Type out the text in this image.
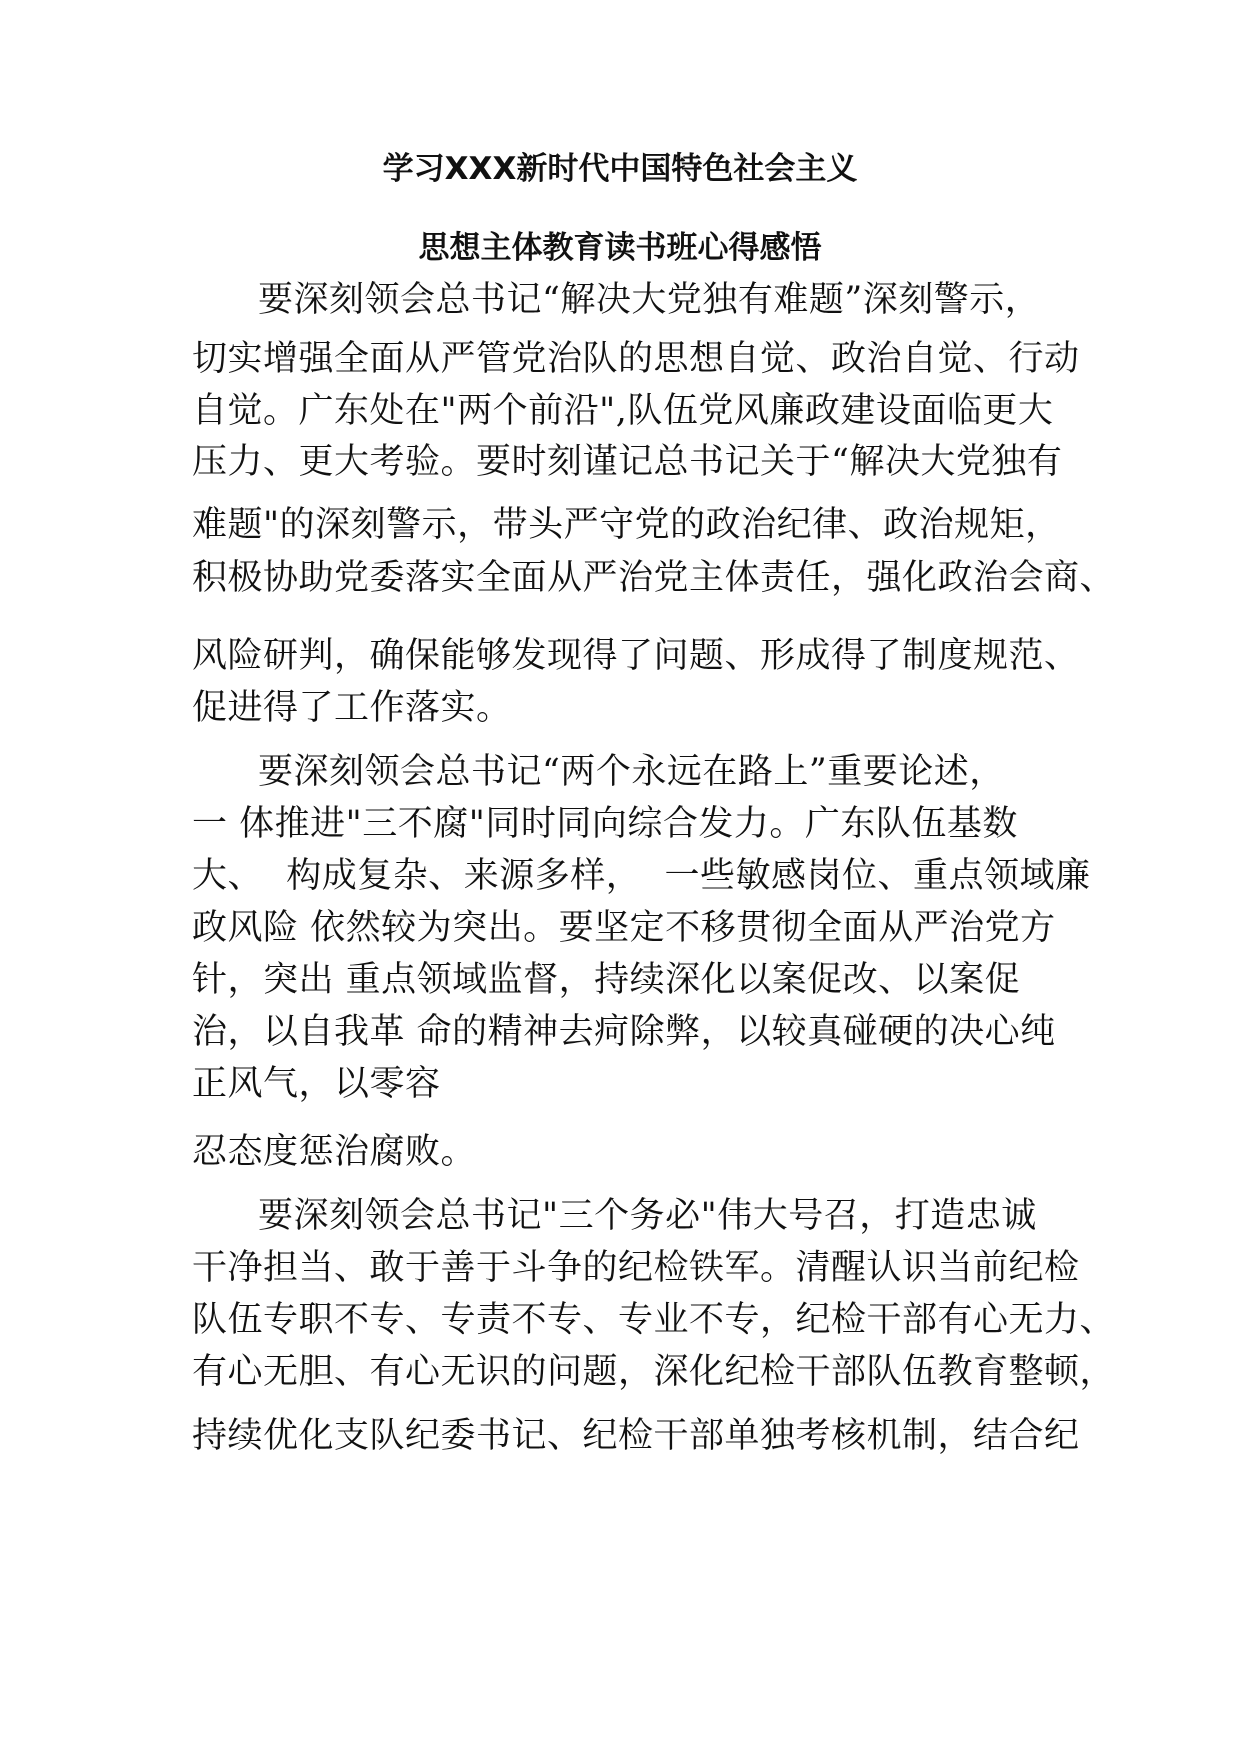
学习XXX新时代中国特色社会主义
思想主体教育读书班心得感悟
要深刻领会总书记“解决大党独有难题”深刻警示，
切实增强全面从严管党治队的思想自觉、政治自觉、行动
自觉。广东处在"两个前沿",队伍党风廉政建设面临更大
压力、更大考验。要时刻谨记总书记关于“解决大党独有
难题"的深刻警示，带头严守党的政治纪律、政治规矩，
积极协助党委落实全面从严治党主体责任，强化政治会商、
风险研判，确保能够发现得了问题、形成得了制度规范、
促进得了工作落实。
要深刻领会总书记“两个永远在路上”重要论述，
一 体推进"三不腐"同时同向综合发力。广东队伍基数
大、  构成复杂、来源多样，  一些敏感岗位、重点领域廉
政风险 依然较为突出。要坚定不移贯彻全面从严治党方
针，突出 重点领域监督，持续深化以案促改、以案促
治，以自我革 命的精神去疴除弊，以较真碰硬的决心纯
正风气，以零容
忍态度惩治腐败。
要深刻领会总书记"三个务必"伟大号召，打造忠诚
干净担当、敢于善于斗争的纪检铁军。清醒认识当前纪检
队伍专职不专、专责不专、专业不专，纪检干部有心无力、
有心无胆、有心无识的问题，深化纪检干部队伍教育整顿，
持续优化支队纪委书记、纪检干部单独考核机制，结合纪
